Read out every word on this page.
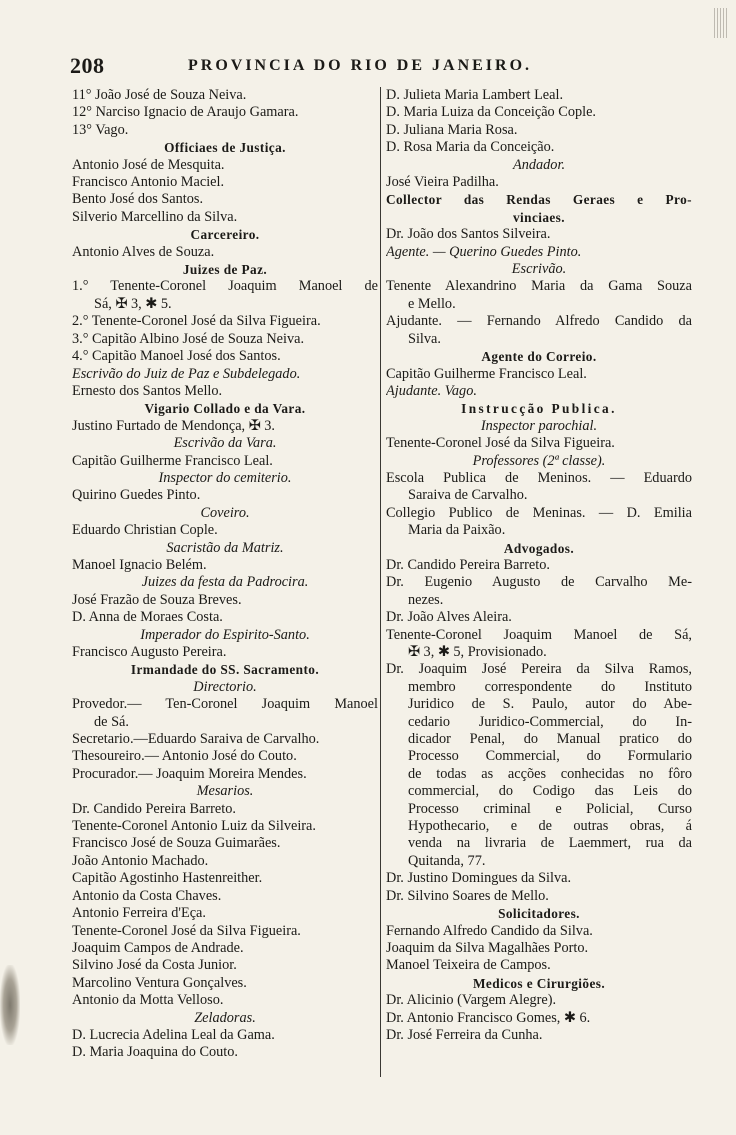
208	PROVINCIA DO RIO DE JANEIRO.
11° João José de Souza Neiva.
12° Narciso Ignacio de Araujo Gamara.
13° Vago.
Officiaes de Justiça.
Antonio José de Mesquita.
Francisco Antonio Maciel.
Bento José dos Santos.
Silverio Marcellino da Silva.
Carcereiro.
Antonio Alves de Souza.
Juizes de Paz.
1.° Tenente-Coronel Joaquim Manoel de
Sá, ✠ 3, ✱ 5.
2.° Tenente-Coronel José da Silva Figueira.
3.° Capitão Albino José de Souza Neiva.
4.° Capitão Manoel José dos Santos.
Escrivão do Juiz de Paz e Subdelegado.
Ernesto dos Santos Mello.
Vigario Collado e da Vara.
Justino Furtado de Mendonça, ✠ 3.
Escrivão da Vara.
Capitão Guilherme Francisco Leal.
Inspector do cemiterio.
Quirino Guedes Pinto.
Coveiro.
Eduardo Christian Cople.
Sacristão da Matriz.
Manoel Ignacio Belém.
Juizes da festa da Padrocira.
José Frazão de Souza Breves.
D. Anna de Moraes Costa.
Imperador do Espirito-Santo.
Francisco Augusto Pereira.
Irmandade do SS. Sacramento.
Directorio.
Provedor.— Ten-Coronel Joaquim Manoel
de Sá.
Secretario.—Eduardo Saraiva de Carvalho.
Thesoureiro.— Antonio José do Couto.
Procurador.— Joaquim Moreira Mendes.
Mesarios.
Dr. Candido Pereira Barreto.
Tenente-Coronel Antonio Luiz da Silveira.
Francisco José de Souza Guimarães.
João Antonio Machado.
Capitão Agostinho Hastenreither.
Antonio da Costa Chaves.
Antonio Ferreira d'Eça.
Tenente-Coronel José da Silva Figueira.
Joaquim Campos de Andrade.
Silvino José da Costa Junior.
Marcolino Ventura Gonçalves.
Antonio da Motta Velloso.
Zeladoras.
D. Lucrecia Adelina Leal da Gama.
D. Maria Joaquina do Couto.
D. Julieta Maria Lambert Leal.
D. Maria Luiza da Conceição Cople.
D. Juliana Maria Rosa.
D. Rosa Maria da Conceição.
Andador.
José Vieira Padilha.
Collector das Rendas Geraes e Pro-
vinciaes.
Dr. João dos Santos Silveira.
Agente. — Querino Guedes Pinto.
Escrivão.
Tenente Alexandrino Maria da Gama Souza
e Mello.
Ajudante. — Fernando Alfredo Candido da
Silva.
Agente do Correio.
Capitão Guilherme Francisco Leal.
Ajudante. Vago.
Instrucção Publica.
Inspector parochial.
Tenente-Coronel José da Silva Figueira.
Professores (2ª classe).
Escola Publica de Meninos. — Eduardo
Saraiva de Carvalho.
Collegio Publico de Meninas. — D. Emilia
Maria da Paixão.
Advogados.
Dr. Candido Pereira Barreto.
Dr. Eugenio Augusto de Carvalho Me-
nezes.
Dr. João Alves Aleira.
Tenente-Coronel Joaquim Manoel de Sá,
✠ 3, ✱ 5, Provisionado.
Dr. Joaquim José Pereira da Silva Ramos,
membro correspondente do Instituto
Juridico de S. Paulo, autor do Abe-
cedario Juridico-Commercial, do In-
dicador Penal, do Manual pratico do
Processo Commercial, do Formulario
de todas as acções conhecidas no fôro
commercial, do Codigo das Leis do
Processo criminal e Policial, Curso
Hypothecario, e de outras obras, á
venda na livraria de Laemmert, rua da
Quitanda, 77.
Dr. Justino Domingues da Silva.
Dr. Silvino Soares de Mello.
Solicitadores.
Fernando Alfredo Candido da Silva.
Joaquim da Silva Magalhães Porto.
Manoel Teixeira de Campos.
Medicos e Cirurgiões.
Dr. Alicinio (Vargem Alegre).
Dr. Antonio Francisco Gomes, ✱ 6.
Dr. José Ferreira da Cunha.
